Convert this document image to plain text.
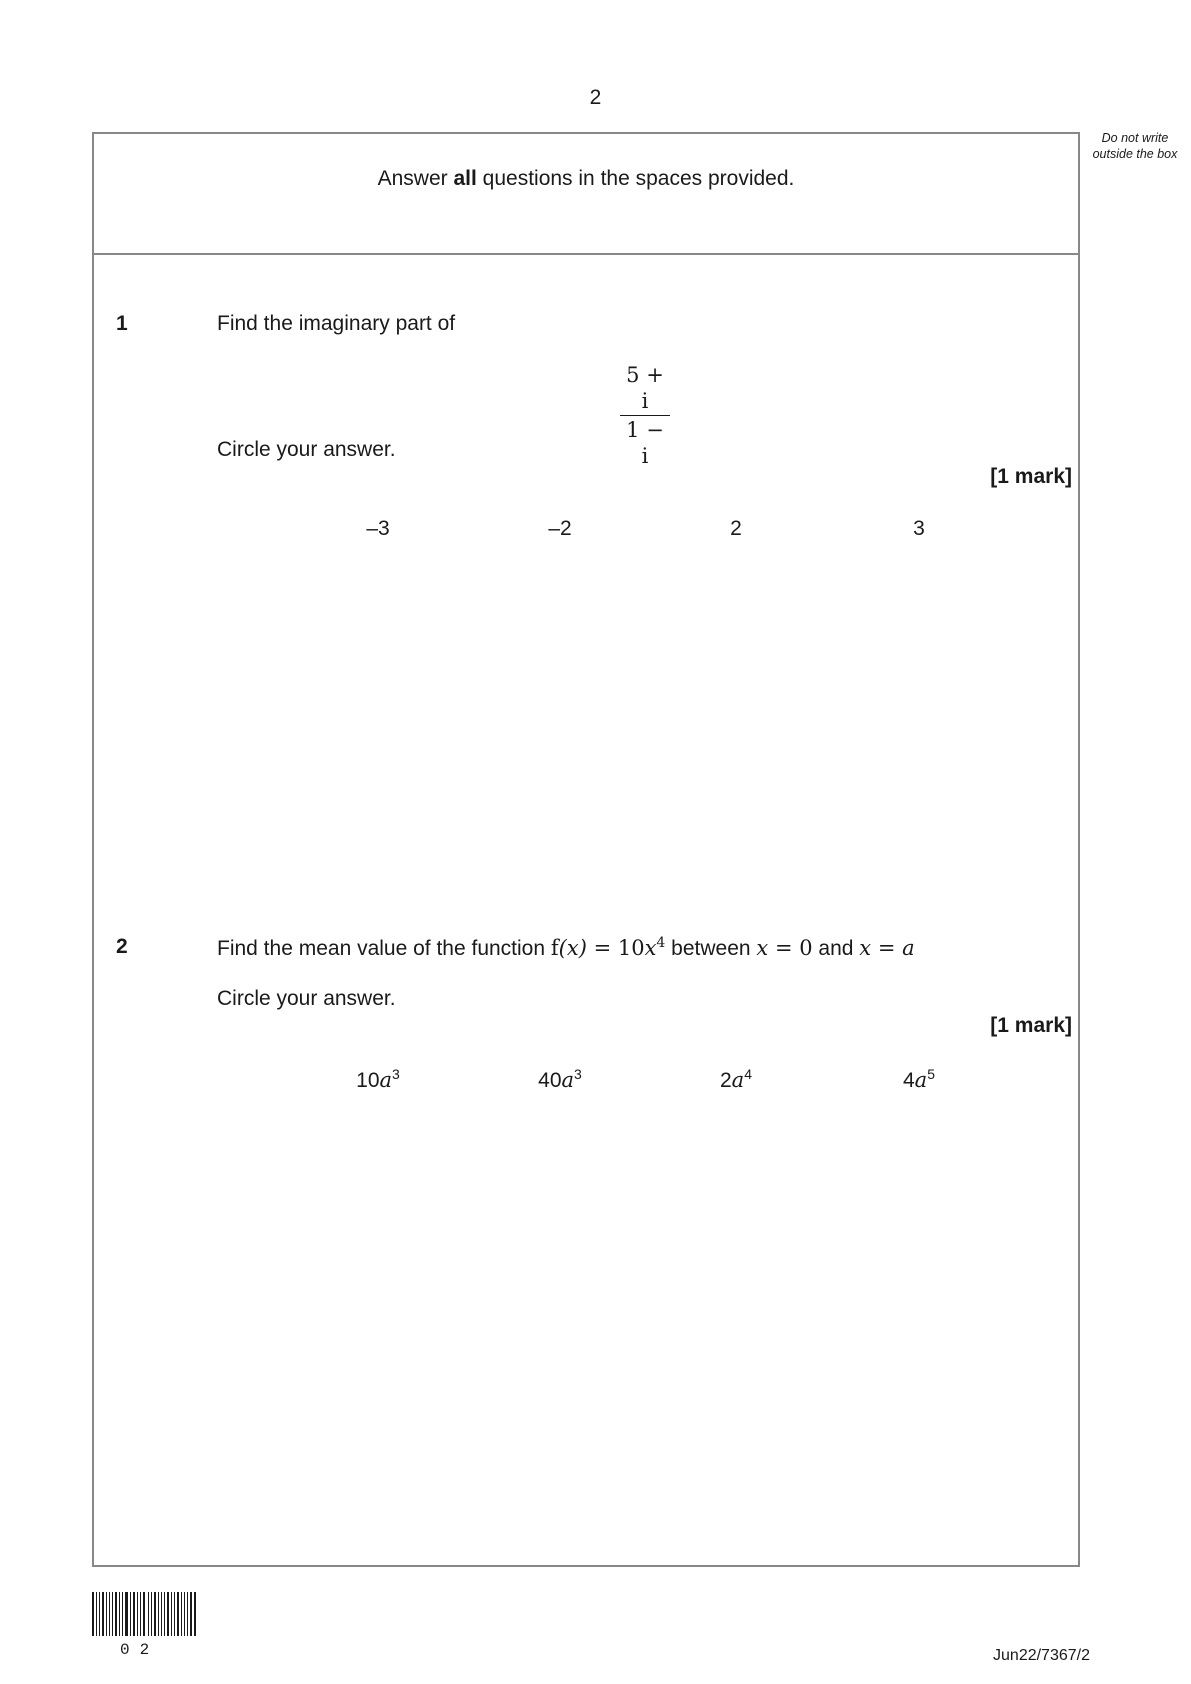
2
Do not write outside the box
Answer all questions in the spaces provided.
1	Find the imaginary part of
5 + i
1 − i
Circle your answer.
[1 mark]
–3	–2	2	3
2	Find the mean value of the function $f(x) = 10x^4$ between x = 0 and x = a
Circle your answer.
[1 mark]
$10a^3$	$40a^3$	$2a^4$	$4a^5$
02	Jun22/7367/2
